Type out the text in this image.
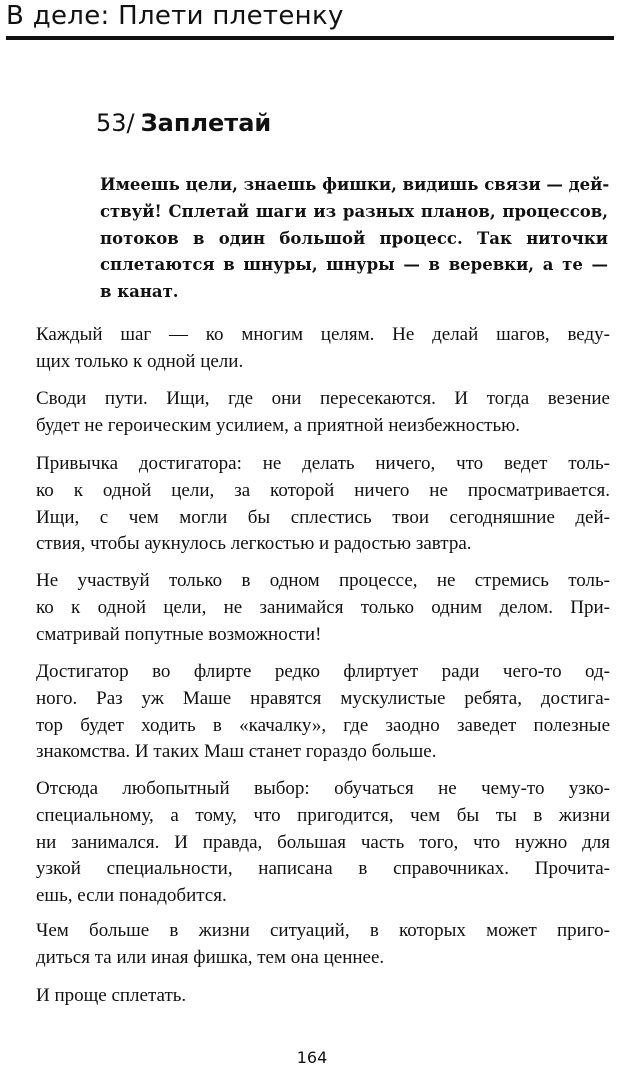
В деле: Плети плетенку
53/ Заплетай
Имеешь цели, знаешь фишки, видишь связи — дей-
ствуй! Сплетай шаги из разных планов, процессов,
потоков в один большой процесс. Так ниточки
сплетаются в шнуры, шнуры — в веревки, а те —
в канат.
Каждый шаг — ко многим целям. Не делай шагов, веду-
щих только к одной цели.
Своди пути. Ищи, где они пересекаются. И тогда везение
будет не героическим усилием, а приятной неизбежностью.
Привычка достигатора: не делать ничего, что ведет толь-
ко к одной цели, за которой ничего не просматривается.
Ищи, с чем могли бы сплестись твои сегодняшние дей-
ствия, чтобы аукнулось легкостью и радостью завтра.
Не участвуй только в одном процессе, не стремись толь-
ко к одной цели, не занимайся только одним делом. При-
сматривай попутные возможности!
Достигатор во флирте редко флиртует ради чего-то од-
ного. Раз уж Маше нравятся мускулистые ребята, достига-
тор будет ходить в «качалку», где заодно заведет полезные
знакомства. И таких Маш станет гораздо больше.
Отсюда любопытный выбор: обучаться не чему-то узко-
специальному, а тому, что пригодится, чем бы ты в жизни
ни занимался. И правда, большая часть того, что нужно для
узкой специальности, написана в справочниках. Прочита-
ешь, если понадобится.
Чем больше в жизни ситуаций, в которых может приго-
диться та или иная фишка, тем она ценнее.
И проще сплетать.
164
